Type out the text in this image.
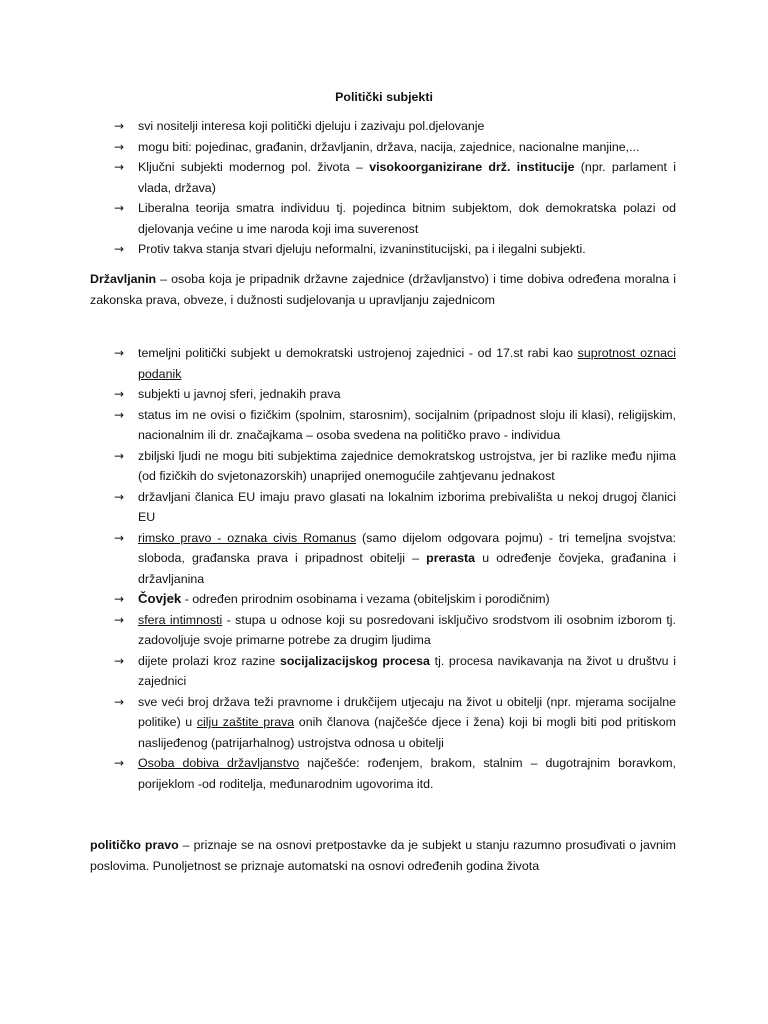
Politički subjekti
→	svi nositelji interesa koji politički djeluju i zazivaju pol.djelovanje
→	mogu biti: pojedinac, građanin, državljanin, država, nacija, zajednice, nacionalne manjine,...
→	Ključni subjekti modernog pol. života – visokoorganizirane drž. institucije (npr. parlament i vlada, država)
→	Liberalna teorija smatra individuu tj. pojedinca bitnim subjektom, dok demokratska polazi od djelovanja većine u ime naroda koji ima suverenost
→	Protiv takva stanja stvari djeluju neformalni, izvaninstitucijski, pa i ilegalni subjekti.

Državljanin – osoba koja je pripadnik državne zajednice (državljanstvo) i time dobiva određena moralna i zakonska prava, obveze, i dužnosti sudjelovanja u upravljanju zajednicom

→	temeljni politički subjekt u demokratski ustrojenoj zajednici - od 17.st rabi kao suprotnost oznaci podanik
→	subjekti u javnoj sferi, jednakih prava
→	status im ne ovisi o fizičkim (spolnim, starosnim), socijalnim (pripadnost sloju ili klasi), religijskim, nacionalnim ili dr. značajkama – osoba svedena na političko pravo - individua
→	zbiljski ljudi ne mogu biti subjektima zajednice demokratskog ustrojstva, jer bi razlike među njima (od fizičkih do svjetonazorskih) unaprijed onemogućile zahtjevanu jednakost
→	državljani članica EU imaju pravo glasati na lokalnim izborima prebivališta u nekoj drugoj članici EU
→	rimsko pravo - oznaka civis Romanus (samo dijelom odgovara pojmu) - tri temeljna svojstva: sloboda, građanska prava i pripadnost obitelji – prerasta u određenje čovjeka, građanina i državljanina
→	Čovjek - određen prirodnim osobinama i vezama (obiteljskim i porodičnim)
→	sfera intimnosti - stupa u odnose koji su posredovani isključivo srodstvom ili osobnim izborom tj. zadovoljuje svoje primarne potrebe za drugim ljudima
→	dijete prolazi kroz razine socijalizacijskog procesa tj. procesa navikavanja na život u društvu i zajednici
→	sve veći broj država teži pravnome i drukčijem utjecaju na život u obitelji (npr. mjerama socijalne politike) u cilju zaštite prava onih članova (najčešće djece i žena) koji bi mogli biti pod pritiskom naslijeđenog (patrijarhalnog) ustrojstva odnosa u obitelji
→	Osoba dobiva državljanstvo najčešće: rođenjem, brakom, stalnim – dugotrajnim boravkom, porijeklom -od roditelja, međunarodnim ugovorima itd.

političko pravo – priznaje se na osnovi pretpostavke da je subjekt u stanju razumno prosuđivati o javnim poslovima. Punoljetnost se priznaje automatski na osnovi određenih godina života
